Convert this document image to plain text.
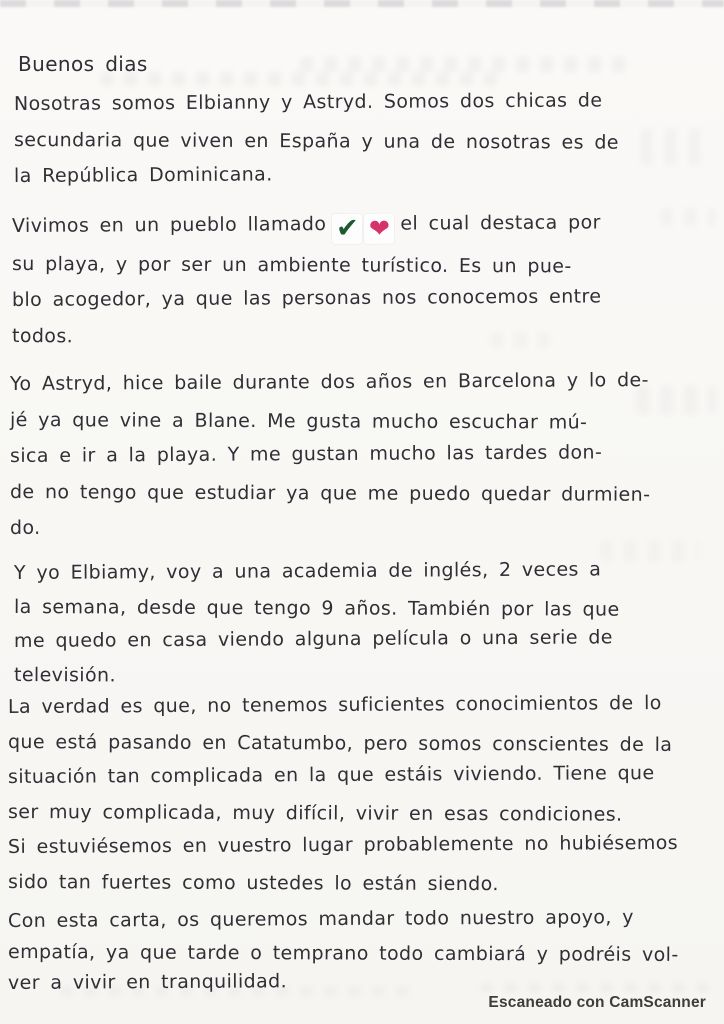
Buenos dias
Nosotras somos Elbianny y Astryd. Somos dos chicas de
secundaria que viven en España y una de nosotras es de
la República Dominicana.
Vivimos en un pueblo llamado ✔ ❤ el cual destaca por
su playa, y por ser un ambiente turístico. Es un pue-
blo acogedor, ya que las personas nos conocemos entre
todos.
Yo Astryd, hice baile durante dos años en Barcelona y lo de-
jé ya que vine a Blane. Me gusta mucho escuchar mú-
sica e ir a la playa. Y me gustan mucho las tardes don-
de no tengo que estudiar ya que me puedo quedar durmien-
do.
Y yo Elbiamy, voy a una academia de inglés, 2 veces a
la semana, desde que tengo 9 años. También por las que
me quedo en casa viendo alguna película o una serie de
televisión.
La verdad es que, no tenemos suficientes conocimientos de lo
que está pasando en Catatumbo, pero somos conscientes de la
situación tan complicada en la que estáis viviendo. Tiene que
ser muy complicada, muy difícil, vivir en esas condiciones.
Si estuviésemos en vuestro lugar probablemente no hubiésemos
sido tan fuertes como ustedes lo están siendo.
Con esta carta, os queremos mandar todo nuestro apoyo, y
empatía, ya que tarde o temprano todo cambiará y podréis vol-
ver a vivir en tranquilidad.
Escaneado con CamScanner
